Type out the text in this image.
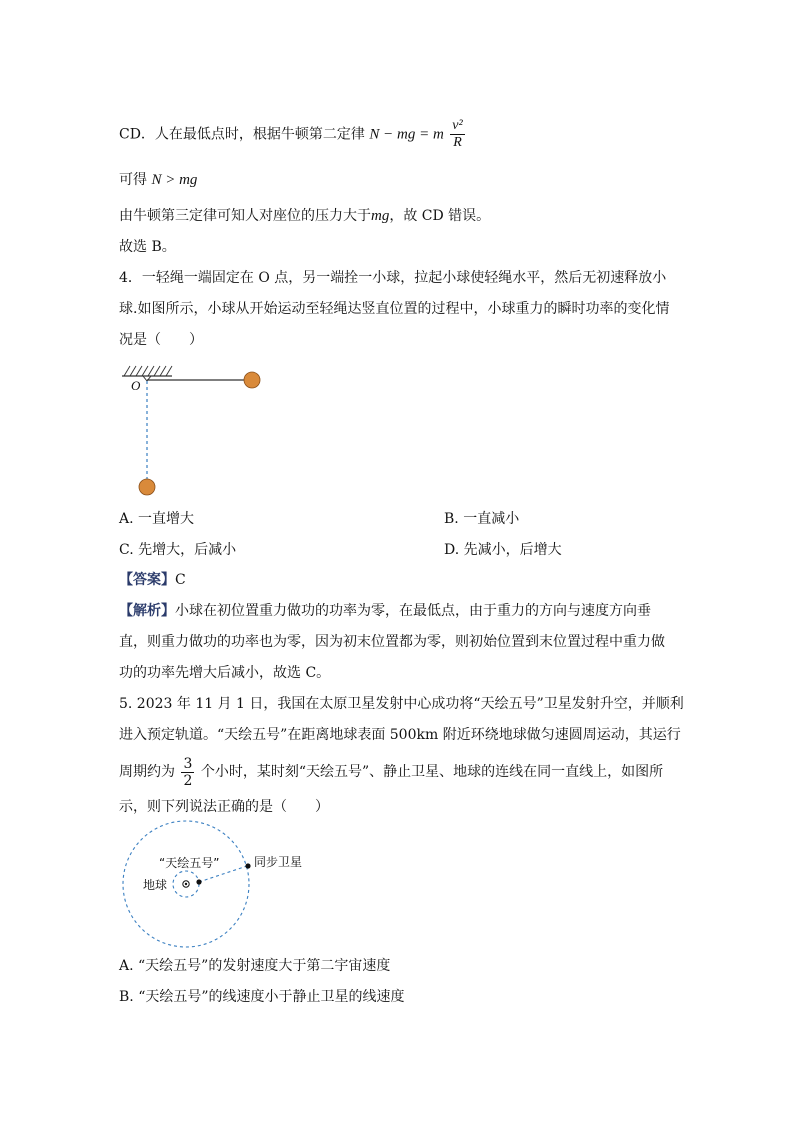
CD．人在最低点时，根据牛顿第二定律 N − mg = m $\frac{\text{v²}}{R}$
可得 N > mg
由牛顿第三定律可知人对座位的压力大于mg，故 CD 错误。
故选 B。
4．一轻绳一端固定在 O 点，另一端拴一小球，拉起小球使轻绳水平，然后无初速释放小
球.如图所示，小球从开始运动至轻绳达竖直位置的过程中，小球重力的瞬时功率的变化情
况是（　　）
O
“天绘五号”	同步卫星
地球
A. 一直增大	B. 一直减小
C. 先增大，后减小	D. 先减小，后增大
【答案】C
【解析】小球在初位置重力做功的功率为零，在最低点，由于重力的方向与速度方向垂
直，则重力做功的功率也为零，因为初末位置都为零，则初始位置到末位置过程中重力做
功的功率先增大后减小，故选 C。
5. 2023 年 11 月 1 日，我国在太原卫星发射中心成功将“天绘五号”卫星发射升空，并顺利
进入预定轨道。“天绘五号”在距离地球表面 500km 附近环绕地球做匀速圆周运动，其运行
周期约为 $\frac{3}{2}$ 个小时，某时刻“天绘五号”、静止卫星、地球的连线在同一直线上，如图所
示，则下列说法正确的是（　　）
A. “天绘五号”的发射速度大于第二宇宙速度
B. “天绘五号”的线速度小于静止卫星的线速度
